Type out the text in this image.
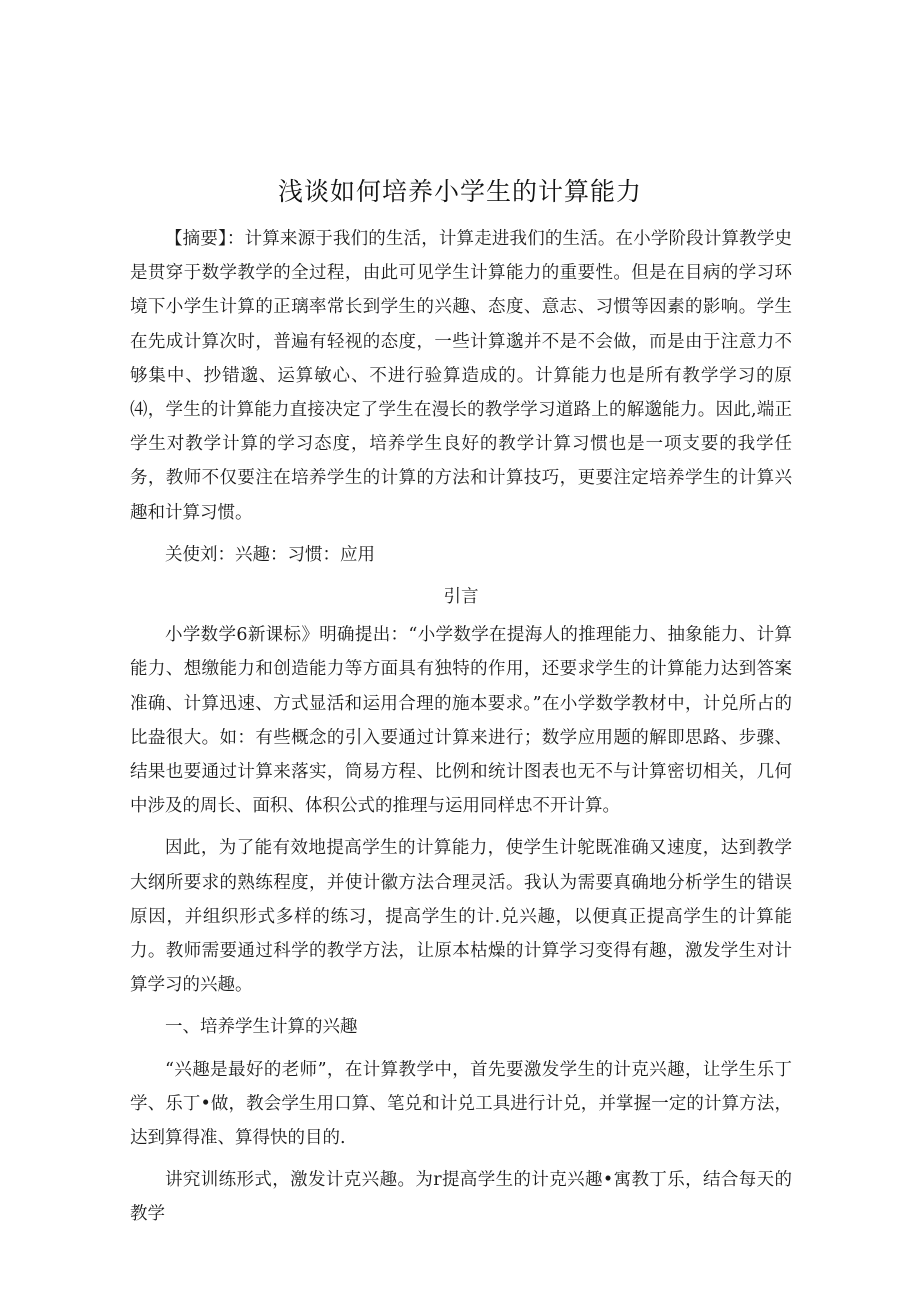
浅谈如何培养小学生的计算能力

【摘要】：计算来源于我们的生活，计算走进我们的生活。在小学阶段计算教学史是贯穿于数学教学的全过程，由此可见学生计算能力的重要性。但是在目病的学习环境下小学生计算的正璃率常长到学生的兴趣、态度、意志、习惯等因素的影响。学生在先成计算次时，普遍有轻视的态度，一些计算邈并不是不会做，而是由于注意力不够集中、抄错邈、运算敏心、不进行验算造成的。计算能力也是所有教学学习的原⑷，学生的计算能力直接决定了学生在漫长的教学学习道路上的解邈能力。因此,端正学生对教学计算的学习态度，培养学生良好的教学计算习惯也是一项支要的我学任务，教师不仅要注在培养学生的计算的方法和计算技巧，更要注定培养学生的计算兴趣和计算习惯。

关使刘：兴趣：习惯：应用

引言

小学数学6新课标》明确提出：“小学数学在提海人的推理能力、抽象能力、计算能力、想缴能力和创造能力等方面具有独特的作用，还要求学生的计算能力达到答案准确、计算迅速、方式显活和运用合理的施本要求。”在小学数学教材中，计兑所占的比盎很大。如：有些概念的引入要通过计算来进行；数学应用题的解即思路、步骤、结果也要通过计算来落实，筒易方程、比例和统计图表也无不与计算密切相关，几何中涉及的周长、面积、体积公式的推理与运用同样忠不开计算。

因此，为了能有效地提高学生的计算能力，使学生计鸵既准确又速度，达到教学大纲所要求的熟练程度，并使计徽方法合理灵活。我认为需要真确地分析学生的错误原因，并组织形式多样的练习，提高学生的计.兑兴趣，以便真正提高学生的计算能力。教师需要通过科学的教学方法，让原本枯燥的计算学习变得有趣，激发学生对计算学习的兴趣。

一、培养学生计算的兴趣

“兴趣是最好的老师”，在计算教学中，首先要激发学生的计克兴趣，让学生乐丁学、乐丁•做，教会学生用口算、笔兑和计兑工具进行计兑，并掌握一定的计算方法，达到算得准、算得快的目的.

讲究训练形式，激发计克兴趣。为r提高学生的计克兴趣•寓教丁乐，结合每天的教学
